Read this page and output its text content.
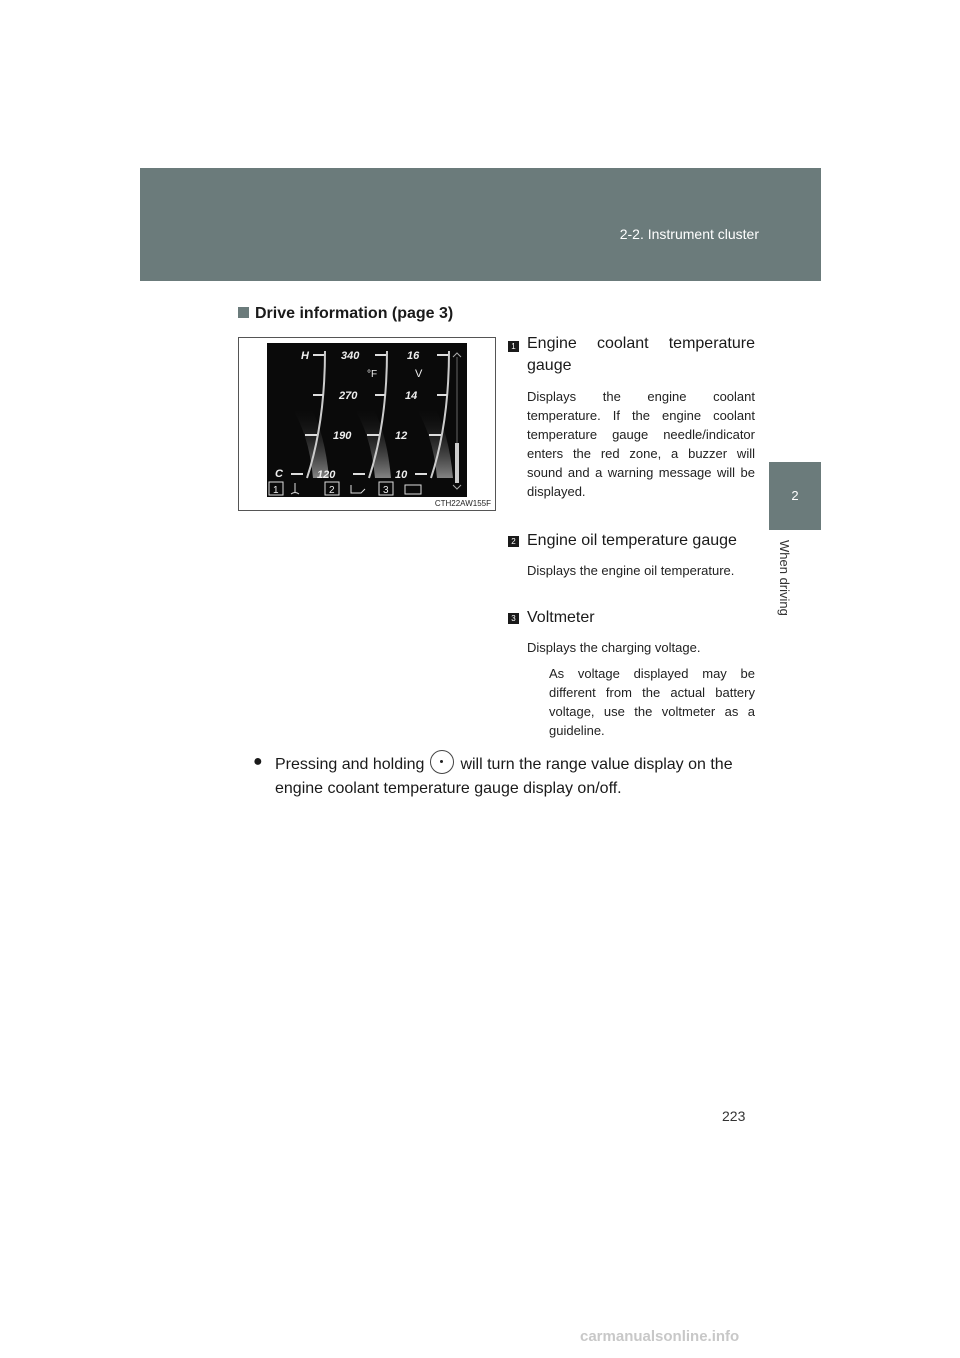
2-2. Instrument cluster
2
When driving
Drive information (page 3)
H
C
340
270
190
120
°F
16
14
12
10
V
1	2	3
CTH22AW155F
1 Engine coolant temperature gauge
Displays the engine coolant temperature. If the engine coolant temperature gauge needle/indicator enters the red zone, a buzzer will sound and a warning message will be displayed.
2 Engine oil temperature gauge
Displays the engine oil temperature.
3 Voltmeter
Displays the charging voltage.
As voltage displayed may be different from the actual battery voltage, use the voltmeter as a guideline.
● Pressing and holding will turn the range value display on the engine coolant temperature gauge display on/off.
223
carmanualsonline.info
